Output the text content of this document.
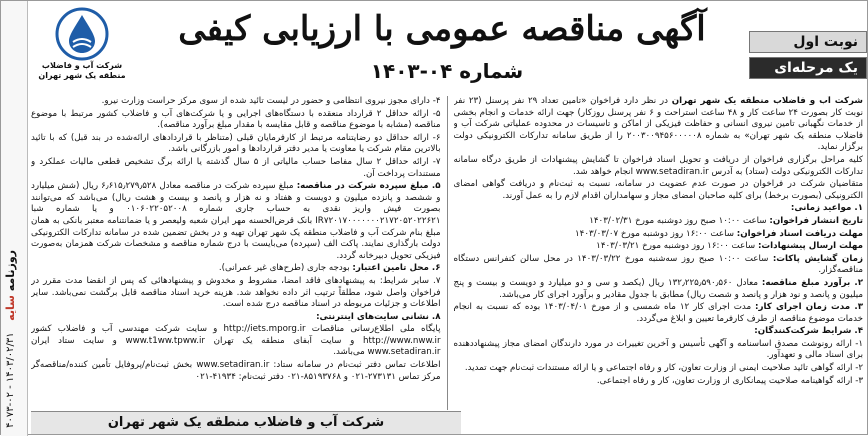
روزنامه سایه   ۱۴۰۳/۰۲/۳۱ - ۰۲-۴۰۷۳
شرکت آب و فاضلاب منطقه یک شهر تهران
آگهی مناقصه عمومی با ارزیابی کیفی
شماره ۰۴-۱۴۰۳
نوبت اول
یک مرحله‌ای

شرکت آب و فاضلاب منطقه یک شهر تهران در نظر دارد فراخوان «تامین تعداد ۲۹ نفر پرسنل (۲۳ نفر نوبت کار بصورت ۲۴ ساعت کار و ۴۸ ساعت استراحت و ۶ نفر پرسنل روزکار) جهت ارائه خدمات و انجام بخشی از خدمات نگهبانی تامین نیروی انسانی و حفاظت فیزیکی از اماکن و تاسیسات در محدوده عملیاتی شرکت آب و فاضلاب منطقه یک شهر تهران» به شماره ۲۰۰۳۰۰۹۴۵۶۰۰۰۰۰۸ را از طریق سامانه تدارکات الکترونیکی دولت برگزار نماید.

کلیه مراحل برگزاری فراخوان از دریافت و تحویل اسناد فراخوان تا گشایش پیشنهادات از طریق درگاه سامانه تدارکات الکترونیکی دولت (ستاد) به آدرس www.setadiran.ir انجام خواهد شد.

متقاضیان شرکت در فراخوان در صورت عدم عضویت در سامانه، نسبت به ثبت‌نام و دریافت گواهی امضای الکترونیکی (بصورت برخط) برای کلیه صاحبان امضای مجاز و سهامداران اقدام لازم را به عمل آورند.

۱. مواعید زمانی:

تاریخ انتشار فراخوان: ساعت ۱۰:۰۰ صبح روز دوشنبه مورخ ۱۴۰۳/۰۲/۳۱

مهلت دریافت اسناد فراخوان: ساعت ۱۶:۰۰ روز دوشنبه مورخ ۱۴۰۳/۰۳/۰۷

مهلت ارسال پیشنهادات: ساعت ۱۶:۰۰ روز دوشنبه مورخ ۱۴۰۳/۰۳/۲۱

زمان گشایش پاکات: ساعت ۱۰:۰۰ صبح روز سه‌شنبه مورخ ۱۴۰۳/۰۳/۲۲ در محل سالن کنفرانس دستگاه مناقصه‌گزار.

۲. برآورد مبلغ مناقصه: معادل ۱۳۲٫۲۲۵٫۵۹۰٫۵۶۰ ریال (یکصد و سی و دو میلیارد و دویست و بیست و پنج میلیون و پانصد و نود هزار و پانصد و شصت ریال) مطابق با جدول مقادیر و برآورد اجرای کار می‌باشد.

۳. مدت زمان اجرای کار: مدت اجرای کار ۱۲ ماه شمسی و از مورخ ۱۴۰۳/۰۴/۰۱ بوده که نسبت به انجام خدمات موضوع مناقصه از طرف کارفرما تعیین و ابلاغ می‌گردد.

۴. شرایط شرکت‌کنندگان:

۱- ارائه رونوشت مصدق اساسنامه و آگهی تأسیس و آخرین تغییرات در مورد دارندگان امضای مجاز پیشنهاددهنده برای اسناد مالی و تعهدآور.

۲- ارائه گواهی تائید صلاحیت ایمنی از وزارت تعاون، کار و رفاه اجتماعی و یا ارائه مستندات ثبت‌نام جهت تمدید.

۳- ارائه گواهینامه صلاحیت پیمانکاری از وزارت تعاون، کار و رفاه اجتماعی.

۴- دارای مجوز نیروی انتظامی و حضور در لیست تائید شده از سوی مرکز حراست وزارت نیرو.

۵- ارائه حداقل ۲ قرارداد منعقده با دستگاه‌های اجرایی و یا شرکت‌های آب و فاضلاب کشور مرتبط با موضوع مناقصه (مشابه با موضوع مناقصه و قابل مقایسه با مقدار مبلغ برآورد مناقصه).

۶- ارائه حداقل دو رضایتنامه مرتبط از کارفرمایان قبلی (متناظر با قراردادهای ارائه‌شده در بند قبل) که با تائید بالاترین مقام شرکت یا معاونت یا مدیر دفتر قراردادها و امور بازرگانی باشد.

۷- ارائه حداقل ۲ سال مفاصا حساب مالیاتی از ۵ سال گذشته یا ارائه برگ تشخیص قطعی مالیات عملکرد و مستندات پرداخت آن.

۵. مبلغ سپرده شرکت در مناقصه: مبلغ سپرده شرکت در مناقصه معادل ۶٫۶۱۵٫۲۷۹٫۵۲۸ ریال (شش میلیارد و ششصد و پانزده میلیون و دویست و هفتاد و نه هزار و پانصد و بیست و هشت ریال) می‌باشد که می‌توانند بصورت فیش واریز نقدی به حساب جاری شماره ۰۱۰۶۰۲۲۰۵۲۰۰۸ و یا شماره شبا IR۷۲۰۱۷۰۰۰۰۰۰۰۲۱۷۲۰۵۲۰۲۲۶۲۱ بانک قرض‌الحسنه مهر ایران شعبه ولیعصر و یا ضمانتنامه معتبر بانکی به همان مبلغ بنام شرکت آب و فاضلاب منطقه یک شهر تهران تهیه و در بخش تضمین شده در سامانه تدارکات الکترونیکی دولت بارگذاری نمایند. پاکت الف (سپرده) می‌بایست با درج شماره مناقصه و مشخصات شرکت همزمان به‌صورت فیزیکی تحویل دبیرخانه گردد.

۶. محل تامین اعتبار: بودجه جاری (طرح‌های غیر عمرانی).

۷. سایر شرایط: به پیشنهادهای فاقد امضا، مشروط و مخدوش و پیشنهادهائی که پس از انقضا مدت مقرر در فراخوان واصل شود، مطلقاً ترتیب اثر داده نخواهد شد. هزینه خرید اسناد مناقصه قابل برگشت نمی‌باشد. سایر اطلاعات و جزئیات مربوطه در اسناد مناقصه درج شده است.

۸. نشانی سایت‌های اینترنتی:

پایگاه ملی اطلاع‌رسانی مناقصات http://iets.mporg.ir و سایت شرکت مهندسی آب و فاضلاب کشور http://www.nww.ir و سایت آبفای منطقه یک تهران www.t1ww.tpww.ir و سایت ستاد ایران www.setadiran.ir می‌باشد.

اطلاعات تماس دفتر ثبت‌نام در سامانه ستاد: www.setadiran.ir بخش ثبت‌نام/پروفایل تأمین کننده/مناقصه‌گر مرکز تماس ۲۷۳۱۳۱-۰۲۱ و ۸۵۱۹۳۷۶۸-۰۲۱ دفتر ثبت‌نام: ۴۱۹۳۴-۰۲۱

شرکت آب و فاضلاب منطقه یک شهر تهران
